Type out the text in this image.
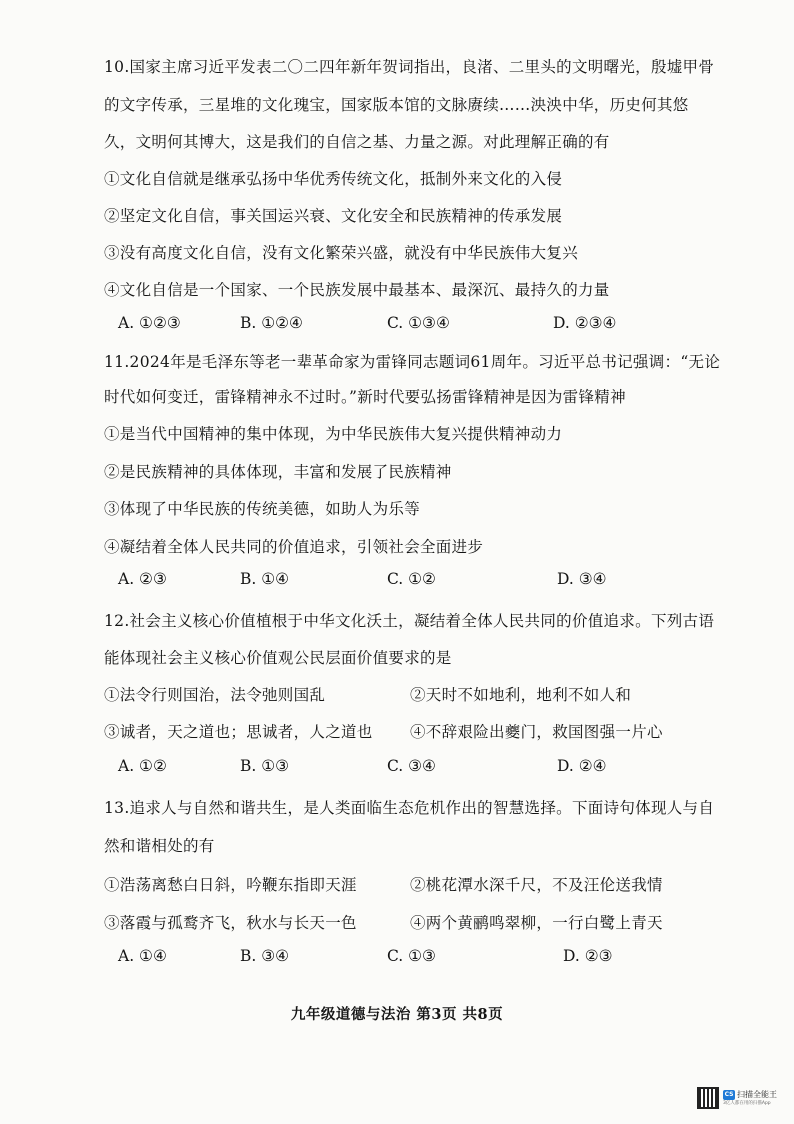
10.国家主席习近平发表二〇二四年新年贺词指出，良渚、二里头的文明曙光，殷墟甲骨
的文字传承，三星堆的文化瑰宝，国家版本馆的文脉赓续……泱泱中华，历史何其悠
久，文明何其博大，这是我们的自信之基、力量之源。对此理解正确的有
①文化自信就是继承弘扬中华优秀传统文化，抵制外来文化的入侵
②坚定文化自信，事关国运兴衰、文化安全和民族精神的传承发展
③没有高度文化自信，没有文化繁荣兴盛，就没有中华民族伟大复兴
④文化自信是一个国家、一个民族发展中最基本、最深沉、最持久的力量
A. ①②③	B. ①②④	C. ①③④	D. ②③④
11.2024年是毛泽东等老一辈革命家为雷锋同志题词61周年。习近平总书记强调：“无论
时代如何变迁，雷锋精神永不过时。”新时代要弘扬雷锋精神是因为雷锋精神
①是当代中国精神的集中体现，为中华民族伟大复兴提供精神动力
②是民族精神的具体体现，丰富和发展了民族精神
③体现了中华民族的传统美德，如助人为乐等
④凝结着全体人民共同的价值追求，引领社会全面进步
A. ②③	B. ①④	C. ①②	D. ③④
12.社会主义核心价值植根于中华文化沃土，凝结着全体人民共同的价值追求。下列古语
能体现社会主义核心价值观公民层面价值要求的是
①法令行则国治，法令弛则国乱	②天时不如地利，地利不如人和
③诚者，天之道也；思诚者，人之道也 ④不辞艰险出夔门，救国图强一片心
A. ①②	B. ①③	C. ③④	D. ②④
13.追求人与自然和谐共生，是人类面临生态危机作出的智慧选择。下面诗句体现人与自
然和谐相处的有
①浩荡离愁白日斜，吟鞭东指即天涯	②桃花潭水深千尺，不及汪伦送我情
③落霞与孤鹜齐飞，秋水与长天一色	④两个黄鹂鸣翠柳，一行白鹭上青天
A. ①④	B. ③④	C. ①③	D. ②③
九年级道德与法治 第3页 共8页
CS 扫描全能王
3亿人都在用的扫描App
